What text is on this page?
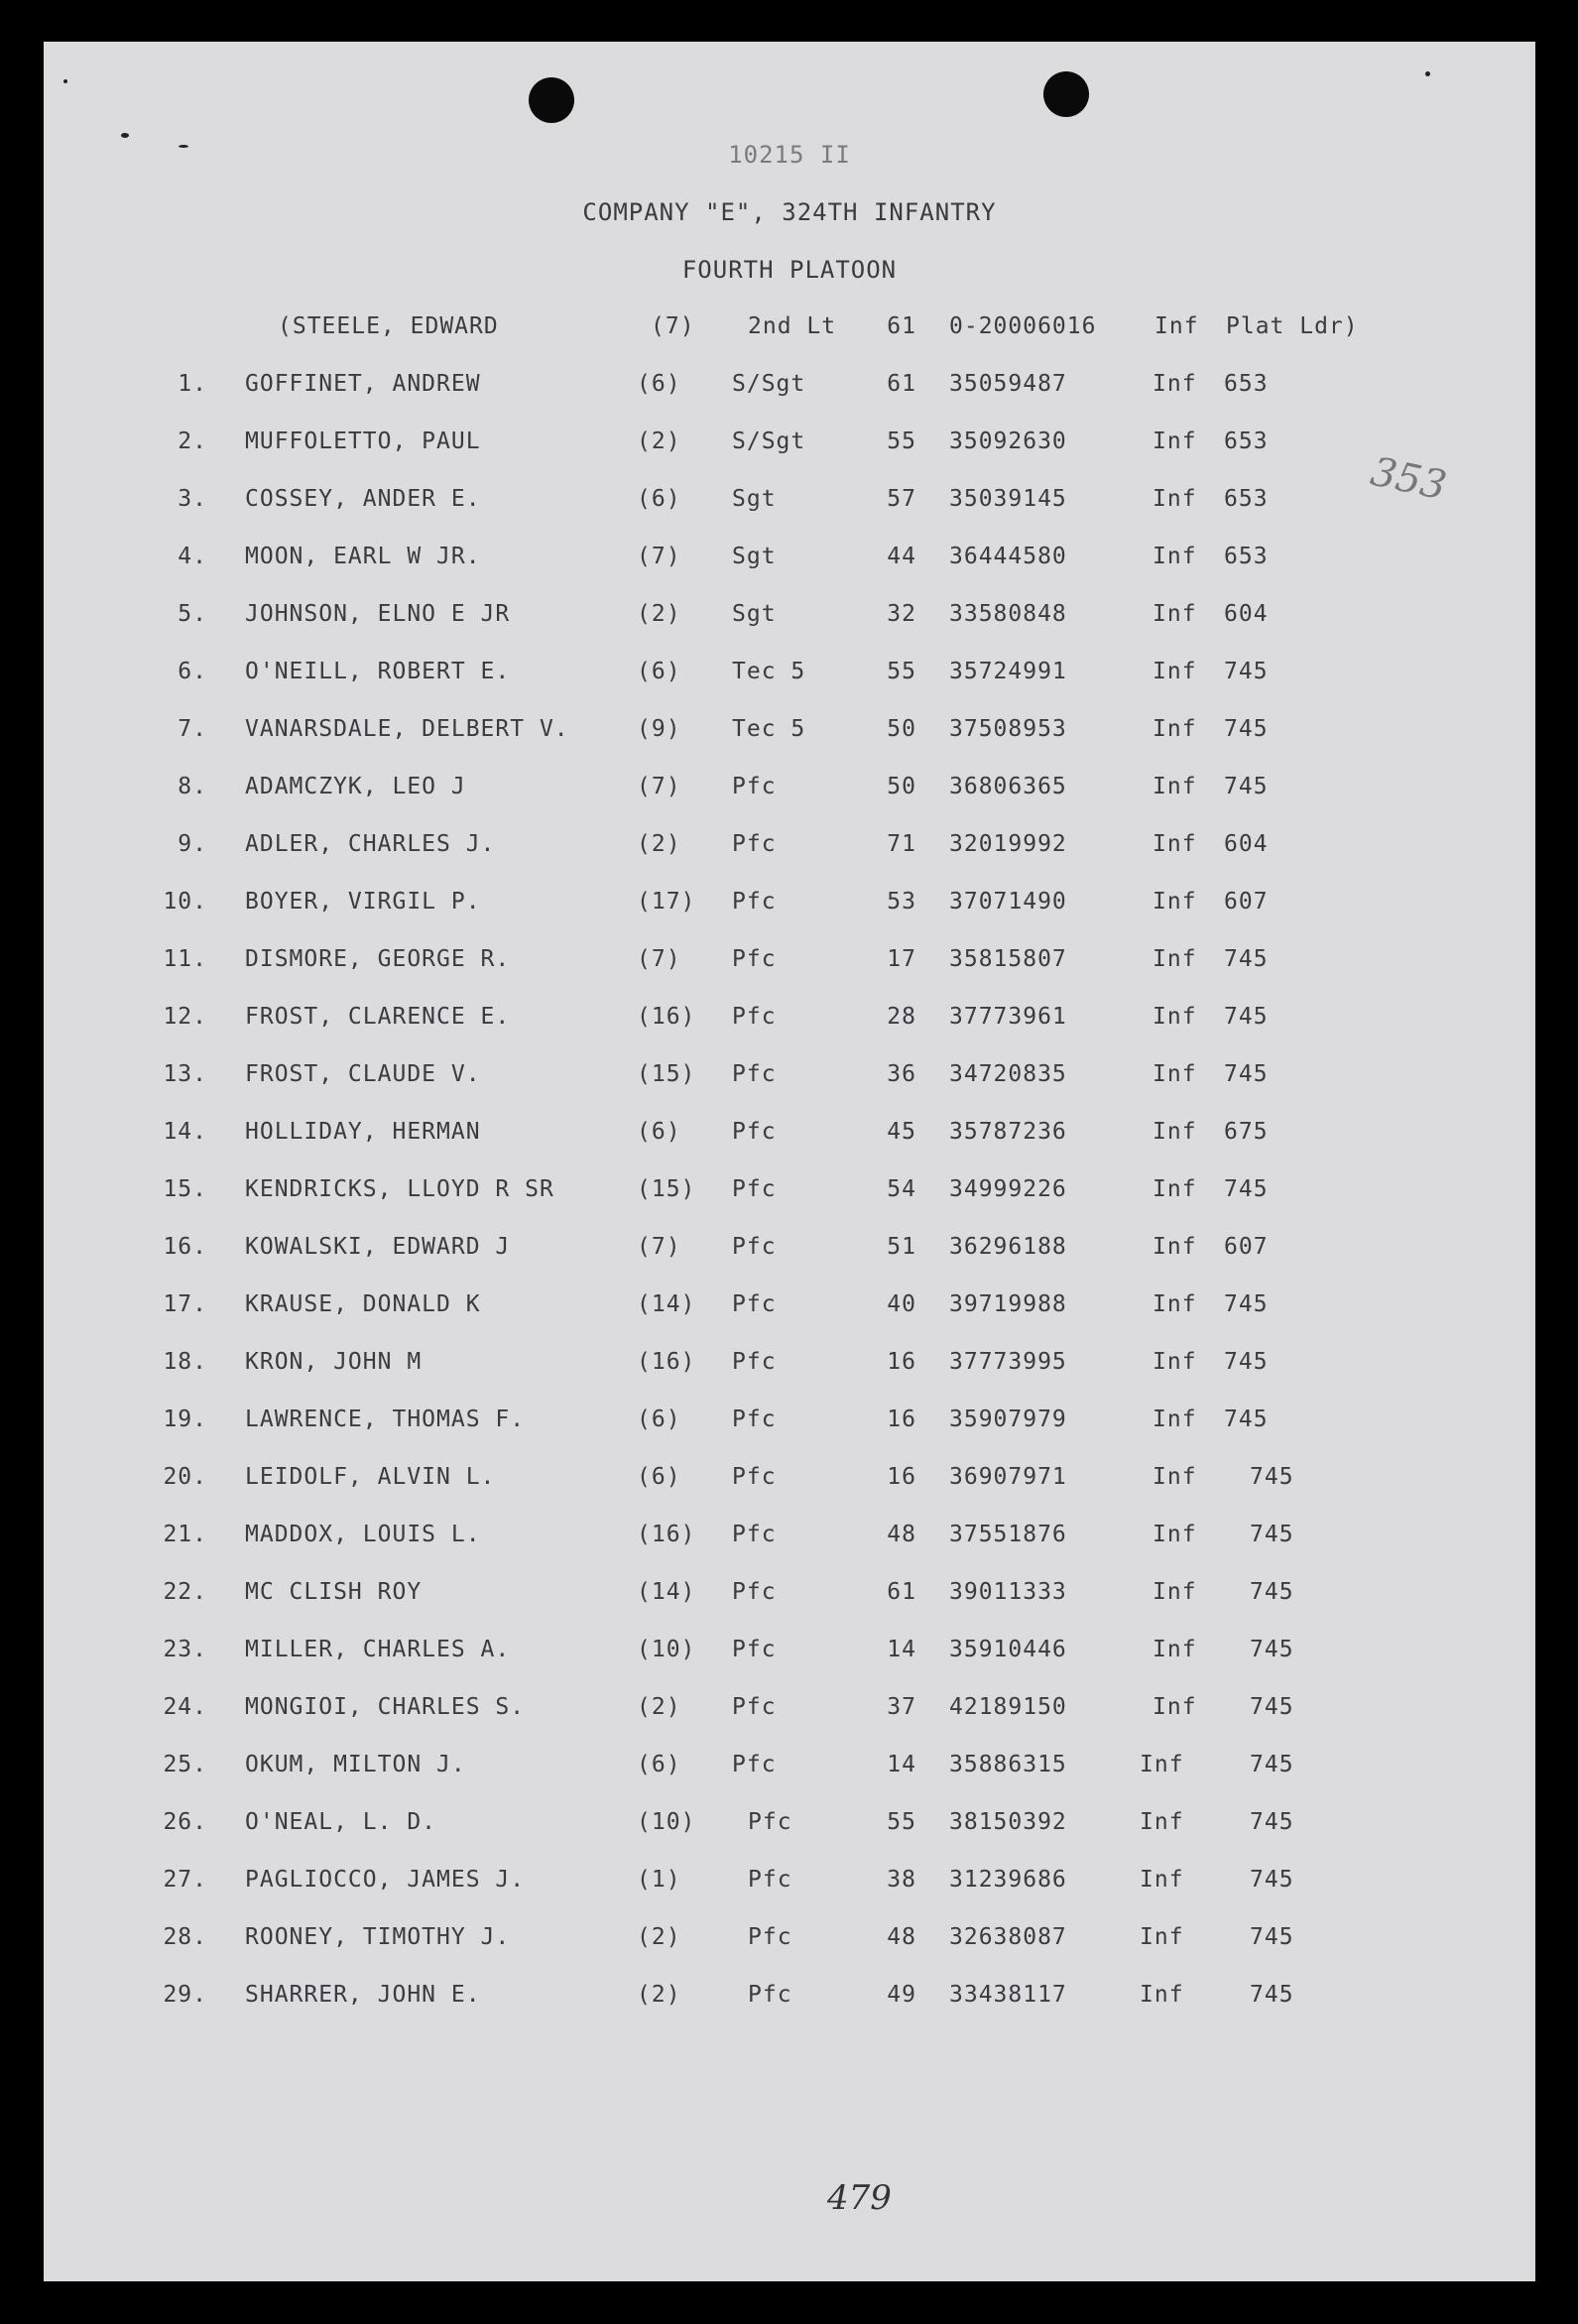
10215 II
COMPANY "E", 324TH INFANTRY
FOURTH PLATOON
(STEELE, EDWARD	(7) 2nd Lt	61 0-20006016	Inf Plat Ldr)
1. GOFFINET, ANDREW	(6) S/Sgt	61 35059487	Inf 653
2. MUFFOLETTO, PAUL	(2) S/Sgt	55 35092630	Inf 653
3. COSSEY, ANDER E.	(6) Sgt	57 35039145	Inf 653
4. MOON, EARL W JR.	(7) Sgt	44 36444580	Inf 653
5. JOHNSON, ELNO E JR	(2) Sgt	32 33580848	Inf 604
6. O'NEILL, ROBERT E.	(6) Tec 5	55 35724991	Inf 745
7. VANARSDALE, DELBERT V.	(9) Tec 5	50 37508953	Inf 745
8. ADAMCZYK, LEO J	(7) Pfc	50 36806365	Inf 745
9. ADLER, CHARLES J.	(2) Pfc	71 32019992	Inf 604
10. BOYER, VIRGIL P.	(17) Pfc	53 37071490	Inf 607
11. DISMORE, GEORGE R.	(7) Pfc	17 35815807	Inf 745
12. FROST, CLARENCE E.	(16) Pfc	28 37773961	Inf 745
13. FROST, CLAUDE V.	(15) Pfc	36 34720835	Inf 745
14. HOLLIDAY, HERMAN	(6) Pfc	45 35787236	Inf 675
15. KENDRICKS, LLOYD R SR	(15) Pfc	54 34999226	Inf 745
16. KOWALSKI, EDWARD J	(7) Pfc	51 36296188	Inf 607
17. KRAUSE, DONALD K	(14) Pfc	40 39719988	Inf 745
18. KRON, JOHN M	(16) Pfc	16 37773995	Inf 745
19. LAWRENCE, THOMAS F.	(6) Pfc	16 35907979	Inf 745
20. LEIDOLF, ALVIN L.	(6) Pfc	16 36907971	Inf 745
21. MADDOX, LOUIS L.	(16) Pfc	48 37551876	Inf 745
22. MC CLISH ROY	(14) Pfc	61 39011333	Inf 745
23. MILLER, CHARLES A.	(10) Pfc	14 35910446	Inf 745
24. MONGIOI, CHARLES S.	(2) Pfc	37 42189150	Inf 745
25. OKUM, MILTON J.	(6) Pfc	14 35886315	Inf	745
26. O'NEAL, L. D.	(10) Pfc	55 38150392	Inf	745
27. PAGLIOCCO, JAMES J.	(1)	Pfc	38 31239686	Inf	745
28. ROONEY, TIMOTHY J.	(2)	Pfc	48 32638087	Inf	745
29. SHARRER, JOHN E.	(2)	Pfc	49 33438117	Inf	745
353
479
